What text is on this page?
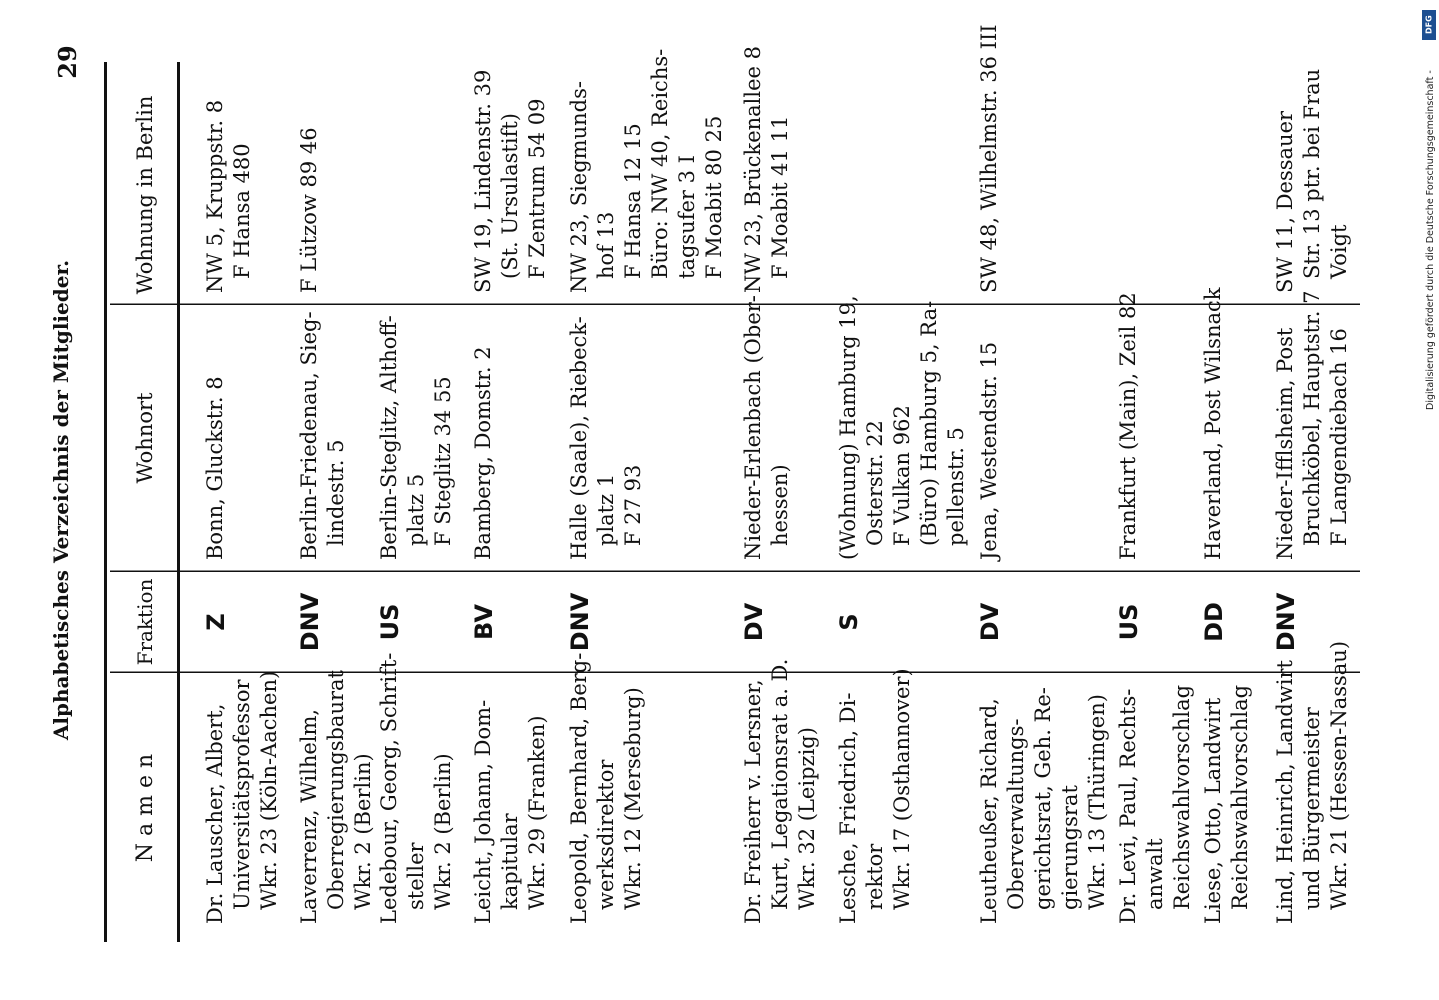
Alphabetisches Verzeichnis der Mitglieder.
29
N a m e n
Fraktion
Wohnort
Wohnung in Berlin
Dr. Lauscher, Albert, Universitätsprofessor Wkr. 23 (Köln-Aachen)
Z
Bonn, Gluckstr. 8
NW 5, Kruppstr. 8 F Hansa 480
Laverrenz, Wilhelm, Oberregierungsbaurat Wkr. 2 (Berlin)
DNV
Berlin-Friedenau, Sieg- lindestr. 5
F Lützow 89 46
Ledebour, Georg, Schrift- steller Wkr. 2 (Berlin)
US
Berlin-Steglitz, Althoff- platz 5 F Steglitz 34 55
Leicht, Johann, Dom- kapitular Wkr. 29 (Franken)
BV
Bamberg, Domstr. 2
SW 19, Lindenstr. 39 (St. Ursulastift) F Zentrum 54 09
Leopold, Bernhard, Berg- werksdirektor Wkr. 12 (Merseburg)
DNV
Halle (Saale), Riebeck- platz 1 F 27 93
NW 23, Siegmunds- hof 13 F Hansa 12 15 Büro: NW 40, Reichs- tagsufer 3 I F Moabit 80 25
Dr. Freiherr v. Lersner, Kurt, Legationsrat a. D. Wkr. 32 (Leipzig)
DV
Nieder-Erlenbach (Ober- hessen)
NW 23, Brückenallee 8 F Moabit 41 11
Lesche, Friedrich, Di- rektor Wkr. 17 (Osthannover)
S
(Wohnung) Hamburg 19, Osterstr. 22 F Vulkan 962 (Büro) Hamburg 5, Ra- pellenstr. 5
Leutheußer, Richard, Oberverwaltungs- gerichtsrat, Geh. Re- gierungsrat Wkr. 13 (Thüringen)
DV
Jena, Westendstr. 15
SW 48, Wilhelmstr. 36 III
Dr. Levi, Paul, Rechts- anwalt Reichswahlvorschlag
US
Frankfurt (Main), Zeil 82
Liese, Otto, Landwirt Reichswahlvorschlag
DD
Haverland, Post Wilsnack
Lind, Heinrich, Landwirt und Bürgermeister Wkr. 21 (Hessen-Nassau)
DNV
Nieder-Ifflsheim, Post Bruchköbel, Hauptstr. 7 F Langendiebach 16
SW 11, Dessauer Str. 13 ptr. bei Frau Voigt
DFG
Digitalisierung gefördert durch die Deutsche Forschungsgemeinschaft -
